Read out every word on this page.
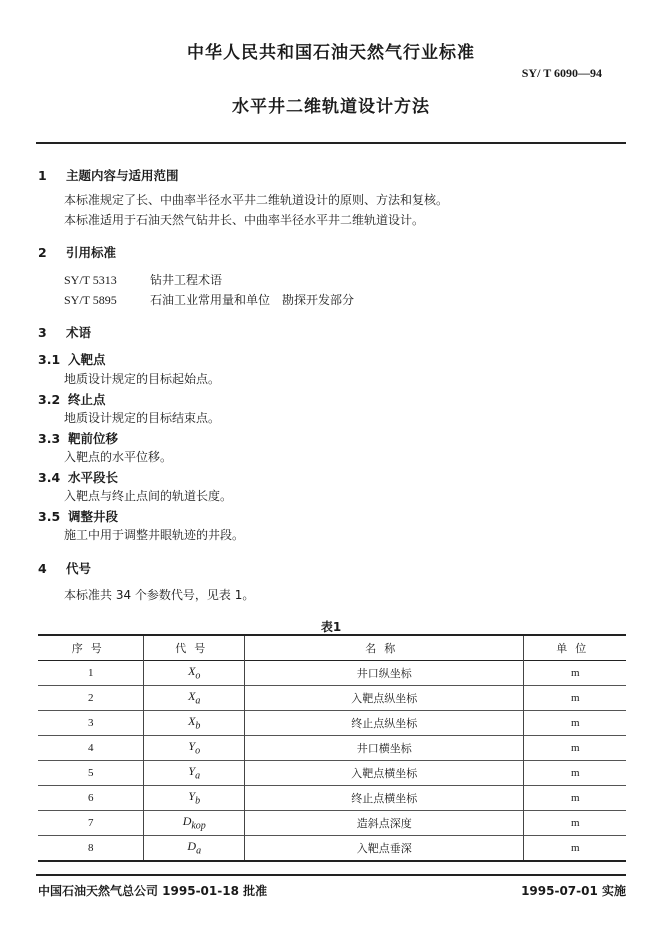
中华人民共和国石油天然气行业标准
SY/ T 6090—94
水平井二维轨道设计方法
1 主题内容与适用范围
本标准规定了长、中曲率半径水平井二维轨道设计的原则、方法和复核。
本标准适用于石油天然气钻井长、中曲率半径水平井二维轨道设计。
2 引用标准
SY/T 5313	钻井工程术语
SY/T 5895	石油工业常用量和单位　勘探开发部分
3 术语
3.1 入靶点
地质设计规定的目标起始点。
3.2 终止点
地质设计规定的目标结束点。
3.3 靶前位移
入靶点的水平位移。
3.4 水平段长
入靶点与终止点间的轨道长度。
3.5 调整井段
施工中用于调整井眼轨迹的井段。
4 代号
本标准共 34 个参数代号，见表 1。
表1
序号	代号	名称	单位
1	$X_o$	井口纵坐标	m
2	$X_a$	入靶点纵坐标	m
3	$X_b$	终止点纵坐标	m
4	$Y_o$	井口横坐标	m
5	$Y_a$	入靶点横坐标	m
6	$Y_b$	终止点横坐标	m
7	$D_{kop}$	造斜点深度	m
8	$D_a$	入靶点垂深	m
中国石油天然气总公司 1995-01-18 批准	1995-07-01 实施
